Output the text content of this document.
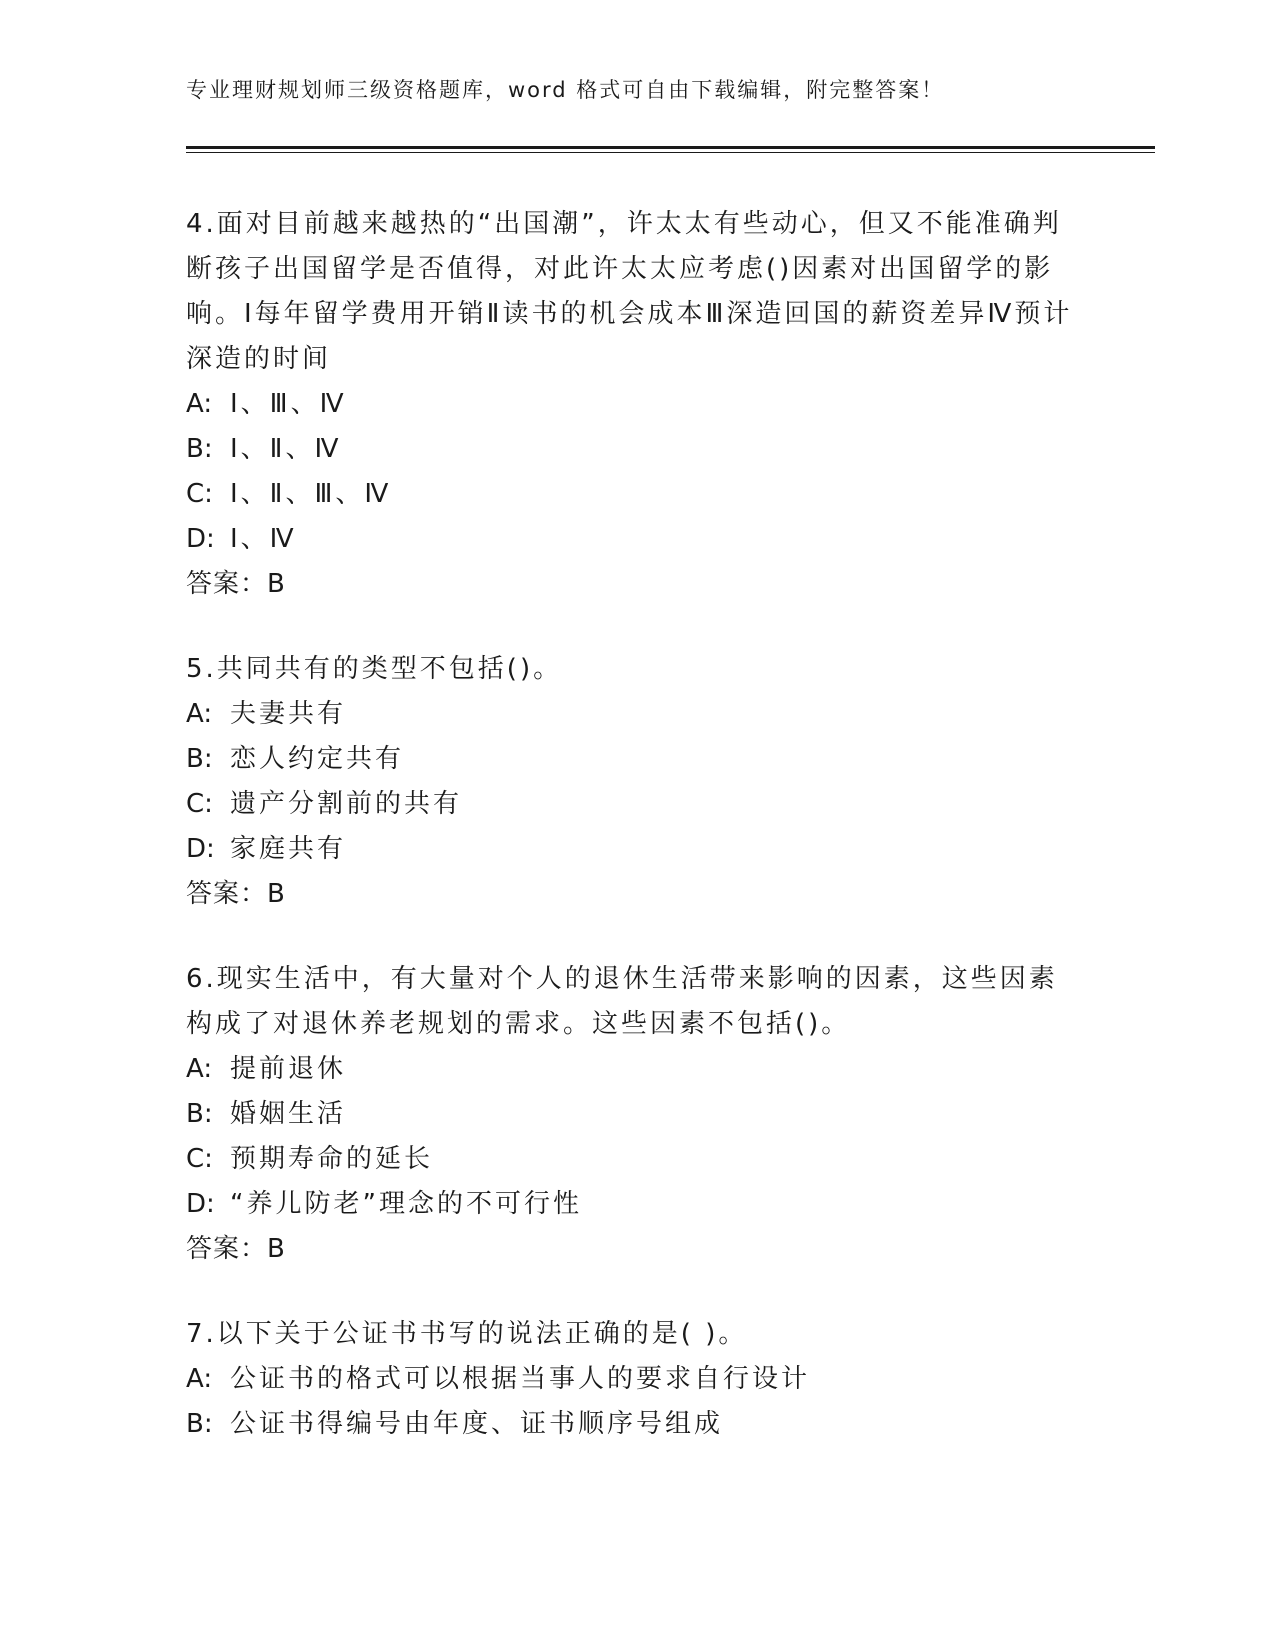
专业理财规划师三级资格题库，word 格式可自由下载编辑，附完整答案！

4.面对目前越来越热的“出国潮”，许太太有些动心，但又不能准确判断孩子出国留学是否值得，对此许太太应考虑()因素对出国留学的影响。Ⅰ每年留学费用开销Ⅱ读书的机会成本Ⅲ深造回国的薪资差异Ⅳ预计深造的时间

A: Ⅰ、Ⅲ、Ⅳ
B: Ⅰ、Ⅱ、Ⅳ
C: Ⅰ、Ⅱ、Ⅲ、Ⅳ
D: Ⅰ、Ⅳ
答案：B

5.共同共有的类型不包括()。

A: 夫妻共有
B: 恋人约定共有
C: 遗产分割前的共有
D: 家庭共有
答案：B

6.现实生活中，有大量对个人的退休生活带来影响的因素，这些因素构成了对退休养老规划的需求。这些因素不包括()。

A: 提前退休
B: 婚姻生活
C: 预期寿命的延长
D: “养儿防老”理念的不可行性
答案：B

7.以下关于公证书书写的说法正确的是( )。

A: 公证书的格式可以根据当事人的要求自行设计
B: 公证书得编号由年度、证书顺序号组成
